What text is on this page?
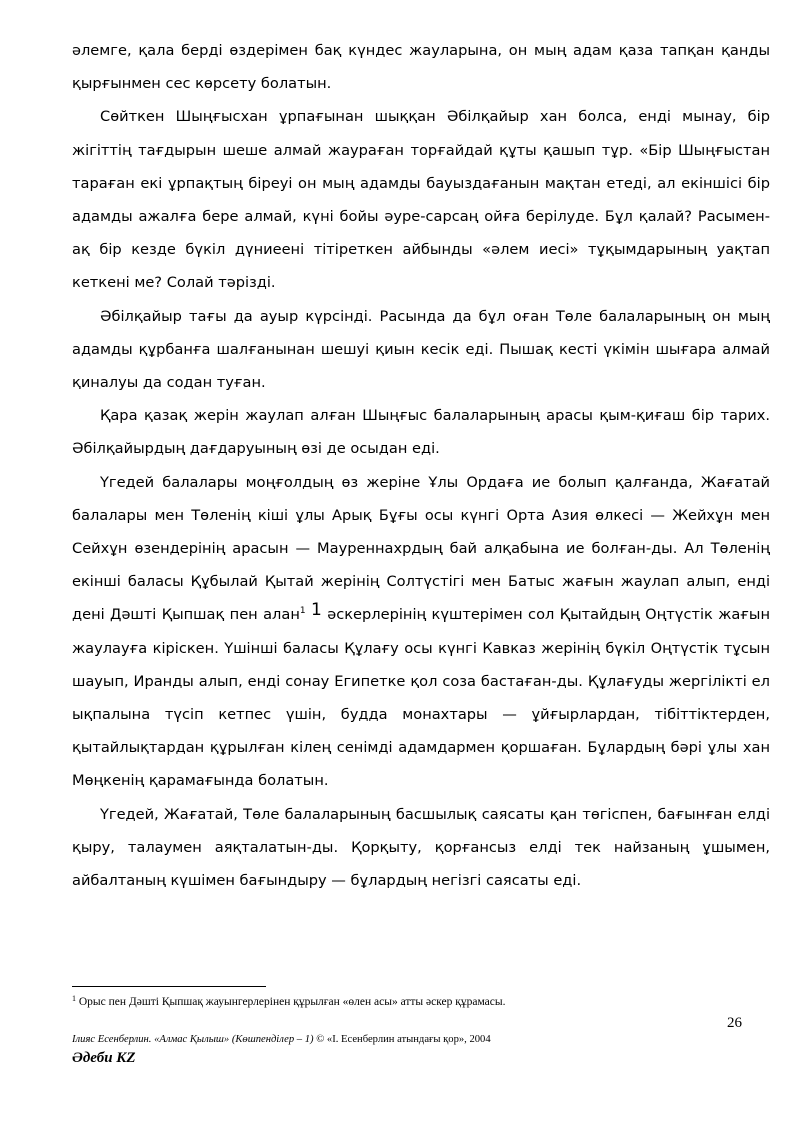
әлемге, қала берді өздерімен бақ күндес жауларына, он мың адам қаза тапқан қанды қырғынмен сес көрсету болатын.

Сөйткен Шыңғысхан ұрпағынан шыққан Әбілқайыр хан болса, енді мынау, бір жігіттің тағдырын шеше алмай жаураған торғайдай құты қашып тұр. «Бір Шыңғыстан тараған екі ұрпақтың біреуі он мың адамды бауыздағанын мақтан етеді, ал екіншісі бір адамды ажалға бере алмай, күні бойы әуре-сарсаң ойға берілуде. Бұл қалай? Расымен-ақ бір кезде бүкіл дүниеені тітіреткен айбынды «әлем иесі» тұқымдарының уақтап кеткені ме? Солай тәрізді.

Әбілқайыр тағы да ауыр күрсінді. Расында да бұл оған Төле балаларының он мың адамды құрбанға шалғанынан шешуі қиын кесік еді. Пышақ кесті үкімін шығара алмай қиналуы да содан туған.

Қара қазақ жерін жаулап алған Шыңғыс балаларының арасы қым-қиғаш бір тарих. Әбілқайырдың дағдаруының өзі де осыдан еді.

Үгедей балалары моңғолдың өз жеріне Ұлы Ордаға ие болып қалғанда, Жағатай балалары мен Төленің кіші ұлы Арық Бұғы осы күнгі Орта Азия өлкесі — Жейхұн мен Сейхұн өзендерінің арасын — Мауреннахрдың бай алқабына ие болған-ды. Ал Төленің екінші баласы Құбылай Қытай жерінің Солтүстігі мен Батыс жағын жаулап алып, енді дені Дәшті Қыпшақ пен алан$^1$ 1 әскерлерінің күштерімен сол Қытайдың Оңтүстік жағын жаулауға кіріскен. Үшінші баласы Құлағу осы күнгі Кавказ жерінің бүкіл Оңтүстік тұсын шауып, Иранды алып, енді сонау Египетке қол соза бастаған-ды. Құлағуды жергілікті ел ықпалына түсіп кетпес үшін, будда монахтары — ұйғырлардан, тібіттіктерден, қытайлықтардан құрылған кілең сенімді адамдармен қоршаған. Бұлардың бәрі ұлы хан Мөңкенің қарамағында болатын.

Үгедей, Жағатай, Төле балаларының басшылық саясаты қан төгіспен, бағынған елді қыру, талаумен аяқталатын-ды. Қорқыту, қорғансыз елді тек найзаның ұшымен, айбалтаның күшімен бағындыру — бұлардың негізгі саясаты еді.

$^1$ Орыс пен Дәшті Қыпшақ жауынгерлерінен құрылған «өлен асы» атты әскер құрамасы.
26
Ілияс Есенберлин. «Алмас Қылыш» (Көшпенділер – 1) © «І. Есенберлин атындағы қор», 2004
Әдеби KZ
